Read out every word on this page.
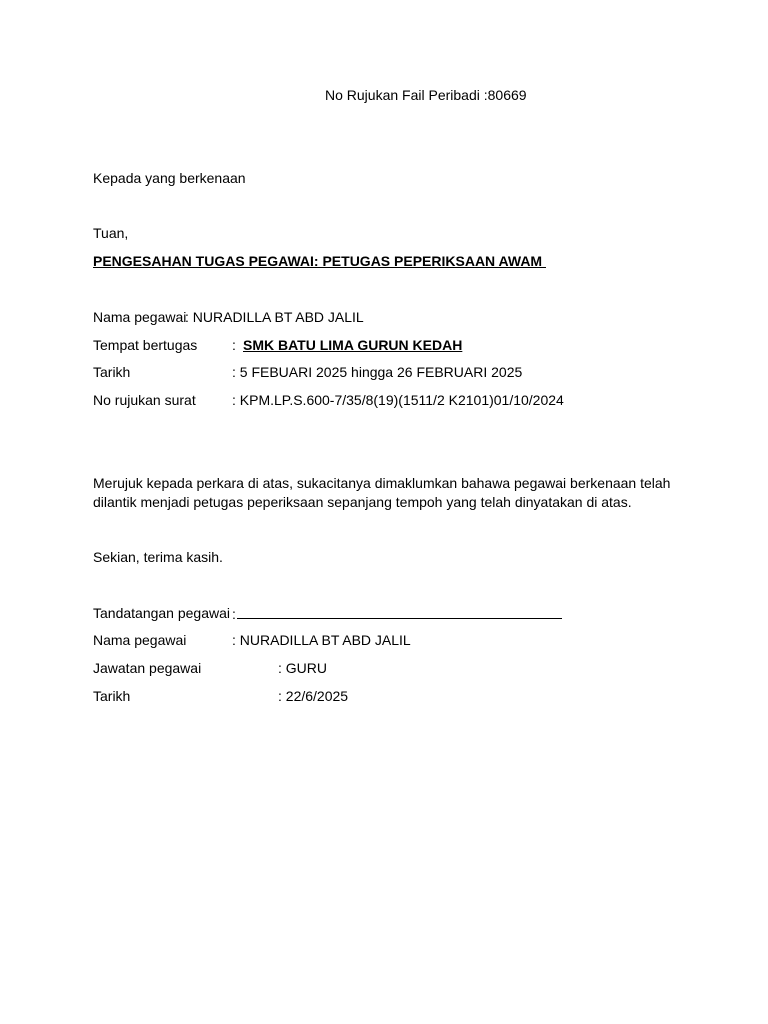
No Rujukan Fail Peribadi :80669
Kepada yang berkenaan
Tuan,
PENGESAHAN TUGAS PEGAWAI: PETUGAS PEPERIKSAAN AWAM
Nama pegawai
: NURADILLA BT ABD JALIL
Tempat bertugas : SMK BATU LIMA GURUN KEDAH
Tarikh	: 5 FEBUARI 2025 hingga 26 FEBRUARI 2025
No rujukan surat	: KPM.LP.S.600-7/35/8(19)(1511/2 K2101)01/10/2024
Merujuk kepada perkara di atas, sukacitanya dimaklumkan bahawa pegawai berkenaan telah dilantik menjadi petugas peperiksaan sepanjang tempoh yang telah dinyatakan di atas.
Sekian, terima kasih.
Tandatangan pegawai :
Nama pegawai	: NURADILLA BT ABD JALIL
Jawatan pegawai	: GURU
Tarikh	: 22/6/2025
